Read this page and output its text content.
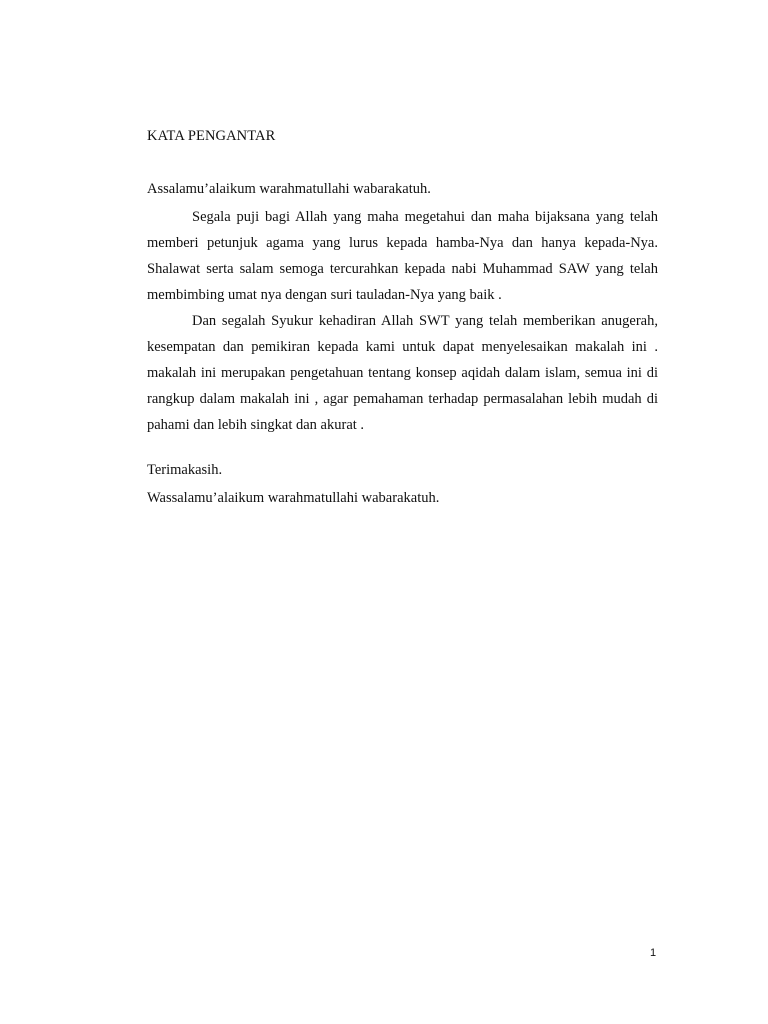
KATA PENGANTAR
Assalamu’alaikum warahmatullahi wabarakatuh.

Segala puji bagi Allah yang maha megetahui dan maha bijaksana yang telah memberi petunjuk agama yang lurus kepada hamba-Nya dan hanya kepada-Nya. Shalawat serta salam semoga tercurahkan kepada nabi Muhammad SAW yang telah membimbing umat nya dengan suri tauladan-Nya yang baik .

Dan segalah Syukur kehadiran Allah SWT yang telah memberikan anugerah, kesempatan dan pemikiran kepada kami untuk dapat menyelesaikan makalah ini . makalah ini merupakan pengetahuan tentang konsep aqidah dalam islam, semua ini di rangkup dalam makalah ini , agar pemahaman terhadap permasalahan lebih mudah di pahami dan lebih singkat dan akurat .

Terimakasih.
Wassalamu’alaikum warahmatullahi wabarakatuh.
1
